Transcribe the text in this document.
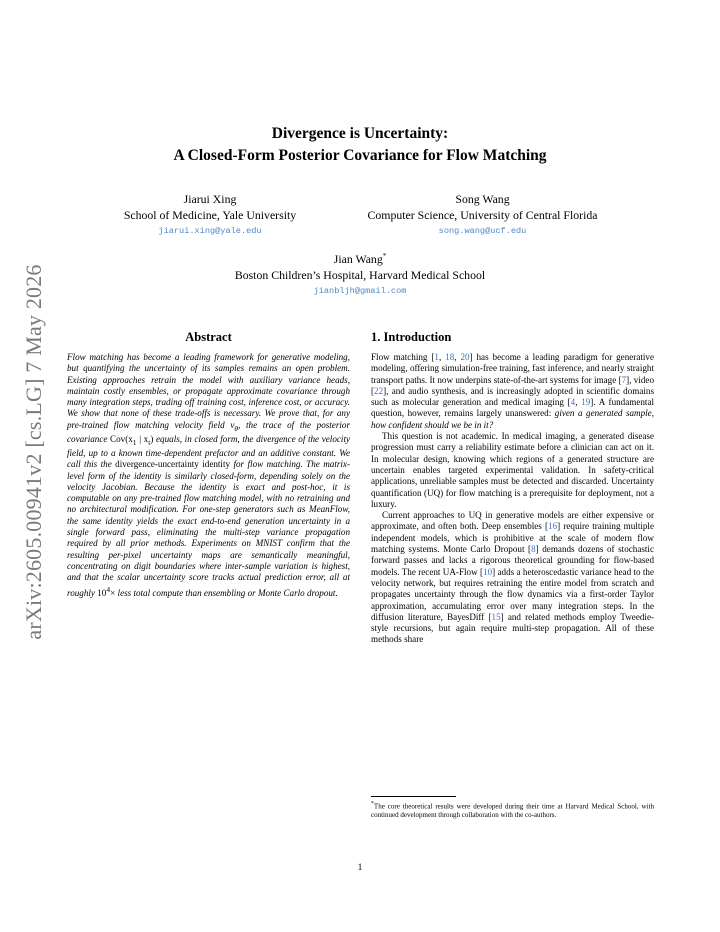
arXiv:2605.00941v2 [cs.LG] 7 May 2026
Divergence is Uncertainty:
A Closed-Form Posterior Covariance for Flow Matching
Jiarui Xing
School of Medicine, Yale University
jiarui.xing@yale.edu
Song Wang
Computer Science, University of Central Florida
song.wang@ucf.edu
Jian Wang*
Boston Children’s Hospital, Harvard Medical School
jianbljh@gmail.com
Abstract
Flow matching has become a leading framework for generative modeling, but quantifying the uncertainty of its samples remains an open problem. Existing approaches retrain the model with auxiliary variance heads, maintain costly ensembles, or propagate approximate covariance through many integration steps, trading off training cost, inference cost, or accuracy. We show that none of these trade-offs is necessary. We prove that, for any pre-trained flow matching velocity field $v_\theta$, the trace of the posterior covariance $Cov(x_1$ | $x_t$) equals, in closed form, the divergence of the velocity field, up to a known time-dependent prefactor and an additive constant. We call this the divergence-uncertainty identity for flow matching. The matrix-level form of the identity is similarly closed-form, depending solely on the velocity Jacobian. Because the identity is exact and post-hoc, it is computable on any pre-trained flow matching model, with no retraining and no architectural modification. For one-step generators such as MeanFlow, the same identity yields the exact end-to-end generation uncertainty in a single forward pass, eliminating the multi-step variance propagation required by all prior methods. Experiments on MNIST confirm that the resulting per-pixel uncertainty maps are semantically meaningful, concentrating on digit boundaries where inter-sample variation is highest, and that the scalar uncertainty score tracks actual prediction error, all at roughly $10^4\times$ less total compute than ensembling or Monte Carlo dropout.
1. Introduction

Flow matching [1, 18, 20] has become a leading paradigm for generative modeling, offering simulation-free training, fast inference, and nearly straight transport paths. It now underpins state-of-the-art systems for image [7], video [22], and audio synthesis, and is increasingly adopted in scientific domains such as molecular generation and medical imaging [4, 19]. A fundamental question, however, remains largely unanswered: given a generated sample, how confident should we be in it?

This question is not academic. In medical imaging, a generated disease progression must carry a reliability estimate before a clinician can act on it. In molecular design, knowing which regions of a generated structure are uncertain enables targeted experimental validation. In safety-critical applications, unreliable samples must be detected and discarded. Uncertainty quantification (UQ) for flow matching is a prerequisite for deployment, not a luxury.

Current approaches to UQ in generative models are either expensive or approximate, and often both. Deep ensembles [16] require training multiple independent models, which is prohibitive at the scale of modern flow matching systems. Monte Carlo Dropout [8] demands dozens of stochastic forward passes and lacks a rigorous theoretical grounding for flow-based models. The recent UA-Flow [10] adds a heteroscedastic variance head to the velocity network, but requires retraining the entire model from scratch and propagates uncertainty through the flow dynamics via a first-order Taylor approximation, accumulating error over many integration steps. In the diffusion literature, BayesDiff [15] and related methods employ Tweedie-style recursions, but again require multi-step propagation. All of these methods share

*The core theoretical results were developed during their time at Harvard Medical School, with continued development through collaboration with the co-authors.
1
